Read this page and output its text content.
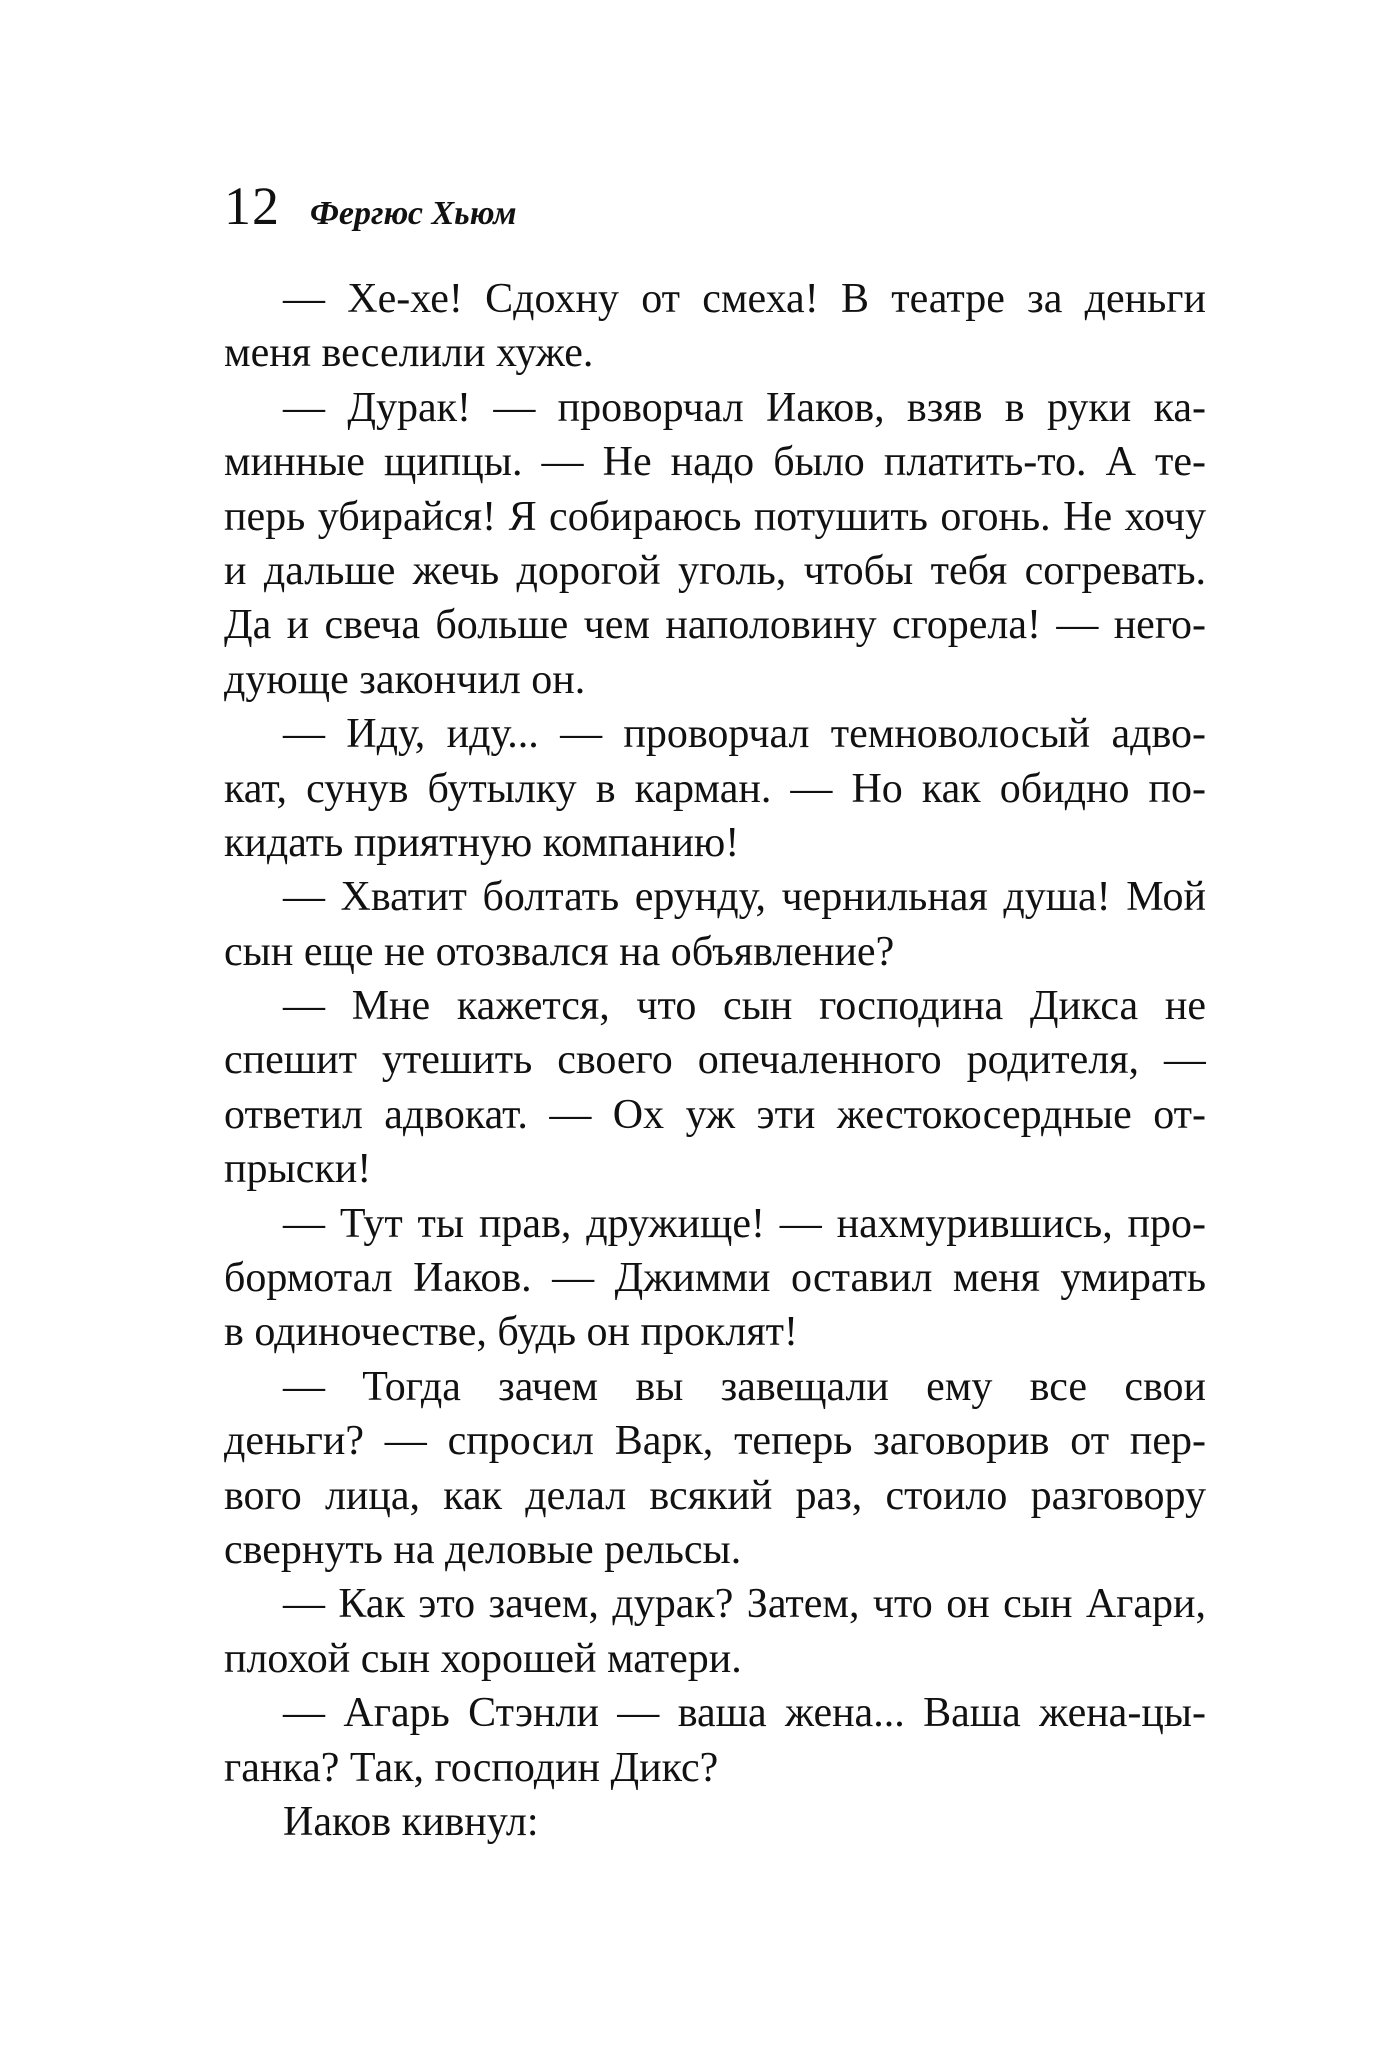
12 Фергюс Хьюм
— Хе-хе! Сдохну от смеха! В театре за деньги
меня веселили хуже.
— Дурак! — проворчал Иаков, взяв в руки ка-
минные щипцы. — Не надо было платить-то. А те-
перь убирайся! Я собираюсь потушить огонь. Не хочу
и дальше жечь дорогой уголь, чтобы тебя согревать.
Да и свеча больше чем наполовину сгорела! — него-
дующе закончил он.
— Иду, иду... — проворчал темноволосый адво-
кат, сунув бутылку в карман. — Но как обидно по-
кидать приятную компанию!
— Хватит болтать ерунду, чернильная душа! Мой
сын еще не отозвался на объявление?
— Мне кажется, что сын господина Дикса не
спешит утешить своего опечаленного родителя, —
ответил адвокат. — Ох уж эти жестокосердные от-
прыски!
— Тут ты прав, дружище! — нахмурившись, про-
бормотал Иаков. — Джимми оставил меня умирать
в одиночестве, будь он проклят!
— Тогда зачем вы завещали ему все свои
деньги? — спросил Варк, теперь заговорив от пер-
вого лица, как делал всякий раз, стоило разговору
свернуть на деловые рельсы.
— Как это зачем, дурак? Затем, что он сын Агари,
плохой сын хорошей матери.
— Агарь Стэнли — ваша жена... Ваша жена-цы-
ганка? Так, господин Дикс?
Иаков кивнул:
